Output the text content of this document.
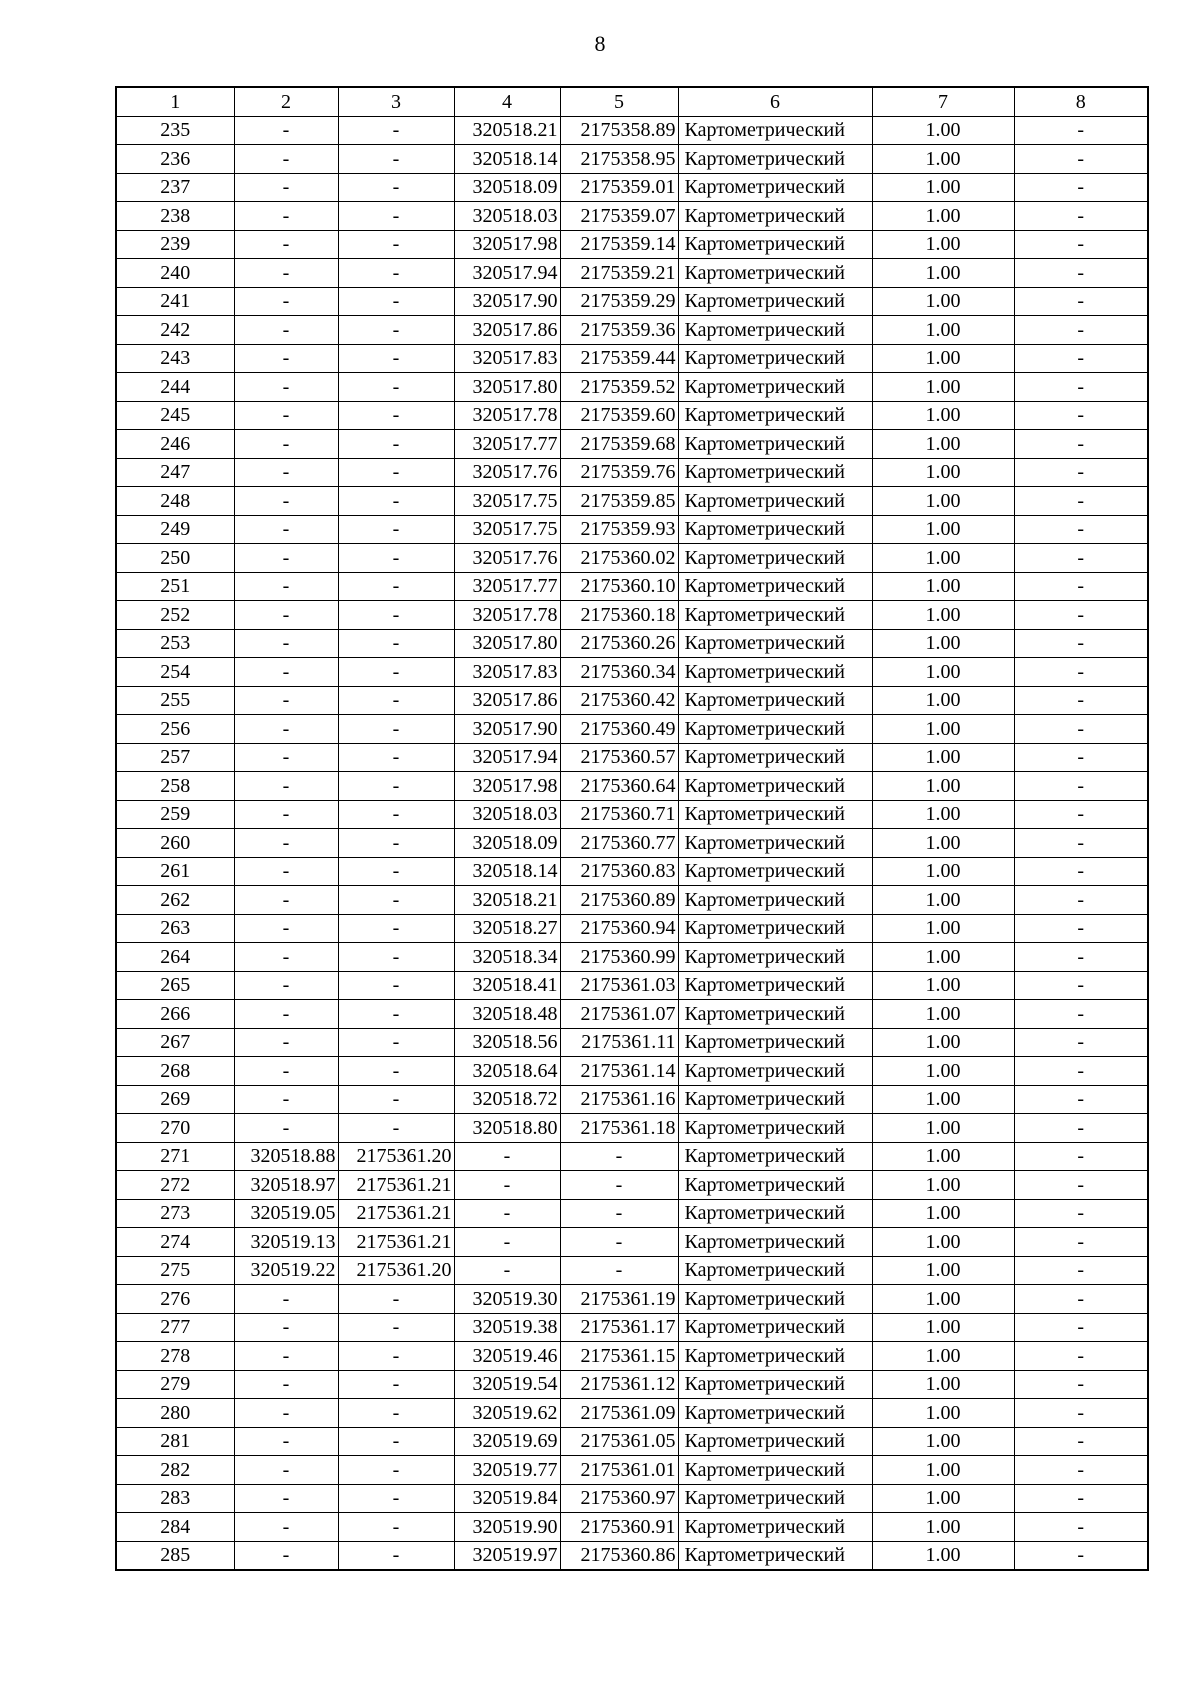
8
1	2	3	4	5	6	7	8
235	-	-	320518.21	2175358.89	Картометрический	1.00	-
236	-	-	320518.14	2175358.95	Картометрический	1.00	-
237	-	-	320518.09	2175359.01	Картометрический	1.00	-
238	-	-	320518.03	2175359.07	Картометрический	1.00	-
239	-	-	320517.98	2175359.14	Картометрический	1.00	-
240	-	-	320517.94	2175359.21	Картометрический	1.00	-
241	-	-	320517.90	2175359.29	Картометрический	1.00	-
242	-	-	320517.86	2175359.36	Картометрический	1.00	-
243	-	-	320517.83	2175359.44	Картометрический	1.00	-
244	-	-	320517.80	2175359.52	Картометрический	1.00	-
245	-	-	320517.78	2175359.60	Картометрический	1.00	-
246	-	-	320517.77	2175359.68	Картометрический	1.00	-
247	-	-	320517.76	2175359.76	Картометрический	1.00	-
248	-	-	320517.75	2175359.85	Картометрический	1.00	-
249	-	-	320517.75	2175359.93	Картометрический	1.00	-
250	-	-	320517.76	2175360.02	Картометрический	1.00	-
251	-	-	320517.77	2175360.10	Картометрический	1.00	-
252	-	-	320517.78	2175360.18	Картометрический	1.00	-
253	-	-	320517.80	2175360.26	Картометрический	1.00	-
254	-	-	320517.83	2175360.34	Картометрический	1.00	-
255	-	-	320517.86	2175360.42	Картометрический	1.00	-
256	-	-	320517.90	2175360.49	Картометрический	1.00	-
257	-	-	320517.94	2175360.57	Картометрический	1.00	-
258	-	-	320517.98	2175360.64	Картометрический	1.00	-
259	-	-	320518.03	2175360.71	Картометрический	1.00	-
260	-	-	320518.09	2175360.77	Картометрический	1.00	-
261	-	-	320518.14	2175360.83	Картометрический	1.00	-
262	-	-	320518.21	2175360.89	Картометрический	1.00	-
263	-	-	320518.27	2175360.94	Картометрический	1.00	-
264	-	-	320518.34	2175360.99	Картометрический	1.00	-
265	-	-	320518.41	2175361.03	Картометрический	1.00	-
266	-	-	320518.48	2175361.07	Картометрический	1.00	-
267	-	-	320518.56	2175361.11	Картометрический	1.00	-
268	-	-	320518.64	2175361.14	Картометрический	1.00	-
269	-	-	320518.72	2175361.16	Картометрический	1.00	-
270	-	-	320518.80	2175361.18	Картометрический	1.00	-
271	320518.88	2175361.20	-	-	Картометрический	1.00	-
272	320518.97	2175361.21	-	-	Картометрический	1.00	-
273	320519.05	2175361.21	-	-	Картометрический	1.00	-
274	320519.13	2175361.21	-	-	Картометрический	1.00	-
275	320519.22	2175361.20	-	-	Картометрический	1.00	-
276	-	-	320519.30	2175361.19	Картометрический	1.00	-
277	-	-	320519.38	2175361.17	Картометрический	1.00	-
278	-	-	320519.46	2175361.15	Картометрический	1.00	-
279	-	-	320519.54	2175361.12	Картометрический	1.00	-
280	-	-	320519.62	2175361.09	Картометрический	1.00	-
281	-	-	320519.69	2175361.05	Картометрический	1.00	-
282	-	-	320519.77	2175361.01	Картометрический	1.00	-
283	-	-	320519.84	2175360.97	Картометрический	1.00	-
284	-	-	320519.90	2175360.91	Картометрический	1.00	-
285	-	-	320519.97	2175360.86	Картометрический	1.00	-
